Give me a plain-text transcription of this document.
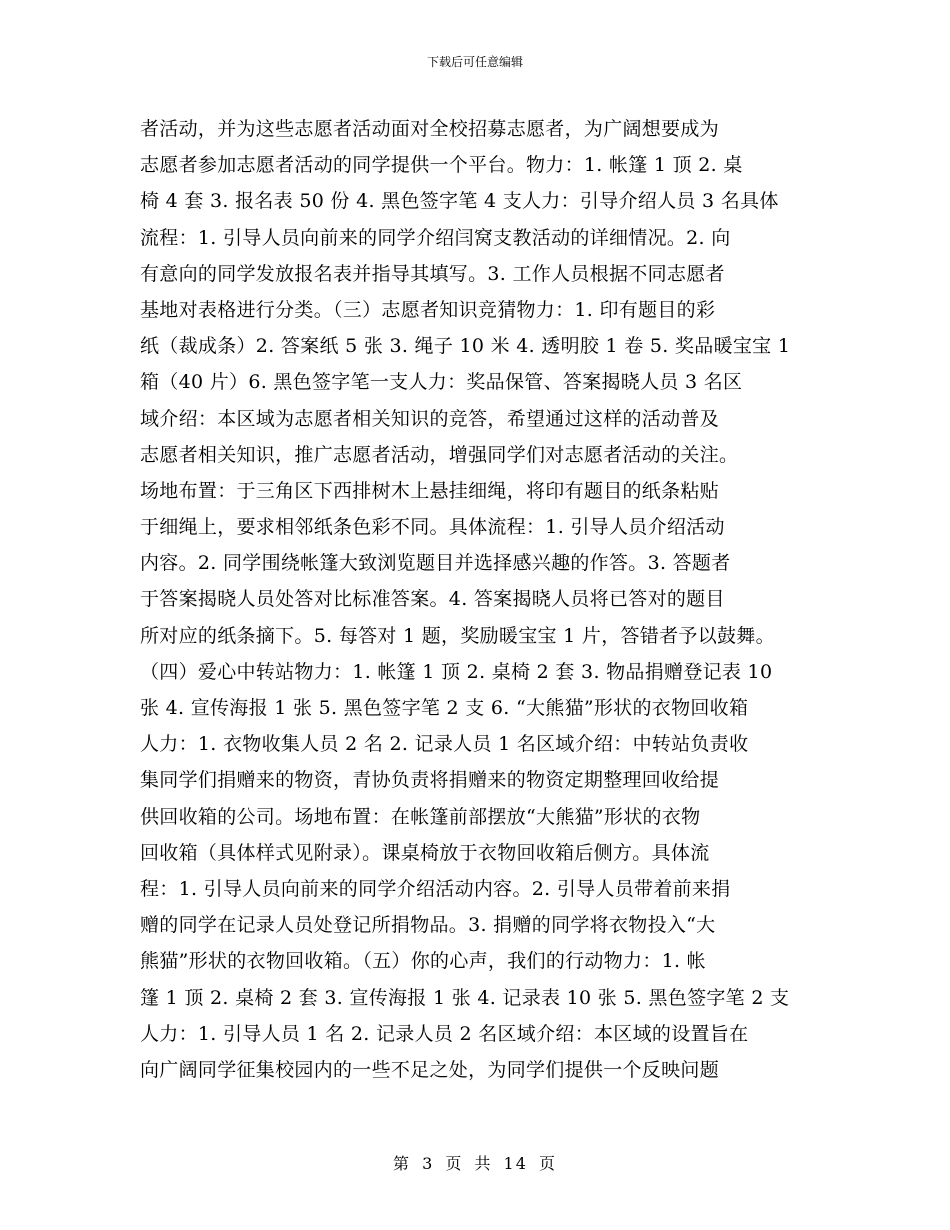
下载后可任意编辑
者活动，并为这些志愿者活动面对全校招募志愿者，为广阔想要成为
志愿者参加志愿者活动的同学提供一个平台。物力：1. 帐篷 1 顶 2. 桌
椅 4 套 3. 报名表 50 份 4. 黑色签字笔 4 支人力：引导介绍人员 3 名具体
流程：1. 引导人员向前来的同学介绍闫窝支教活动的详细情况。2. 向
有意向的同学发放报名表并指导其填写。3. 工作人员根据不同志愿者
基地对表格进行分类。（三）志愿者知识竞猜物力：1. 印有题目的彩
纸（裁成条）2. 答案纸 5 张 3. 绳子 10 米 4. 透明胶 1 卷 5. 奖品暖宝宝 1
箱（40 片）6. 黑色签字笔一支人力：奖品保管、答案揭晓人员 3 名区
域介绍：本区域为志愿者相关知识的竞答，希望通过这样的活动普及
志愿者相关知识，推广志愿者活动，增强同学们对志愿者活动的关注。
场地布置：于三角区下西排树木上悬挂细绳，将印有题目的纸条粘贴
于细绳上，要求相邻纸条色彩不同。具体流程：1. 引导人员介绍活动
内容。2. 同学围绕帐篷大致浏览题目并选择感兴趣的作答。3. 答题者
于答案揭晓人员处答对比标准答案。4. 答案揭晓人员将已答对的题目
所对应的纸条摘下。5. 每答对 1 题，奖励暖宝宝 1 片，答错者予以鼓舞。
（四）爱心中转站物力：1. 帐篷 1 顶 2. 桌椅 2 套 3. 物品捐赠登记表 10
张 4. 宣传海报 1 张 5. 黑色签字笔 2 支 6. “大熊猫”形状的衣物回收箱
人力：1. 衣物收集人员 2 名 2. 记录人员 1 名区域介绍：中转站负责收
集同学们捐赠来的物资，青协负责将捐赠来的物资定期整理回收给提
供回收箱的公司。场地布置：在帐篷前部摆放“大熊猫”形状的衣物
回收箱（具体样式见附录）。课桌椅放于衣物回收箱后侧方。具体流
程：1. 引导人员向前来的同学介绍活动内容。2. 引导人员带着前来捐
赠的同学在记录人员处登记所捐物品。3. 捐赠的同学将衣物投入“大
熊猫”形状的衣物回收箱。（五）你的心声，我们的行动物力：1. 帐
篷 1 顶 2. 桌椅 2 套 3. 宣传海报 1 张 4. 记录表 10 张 5. 黑色签字笔 2 支
人力：1. 引导人员 1 名 2. 记录人员 2 名区域介绍：本区域的设置旨在
向广阔同学征集校园内的一些不足之处，为同学们提供一个反映问题
第 3 页 共 14 页
